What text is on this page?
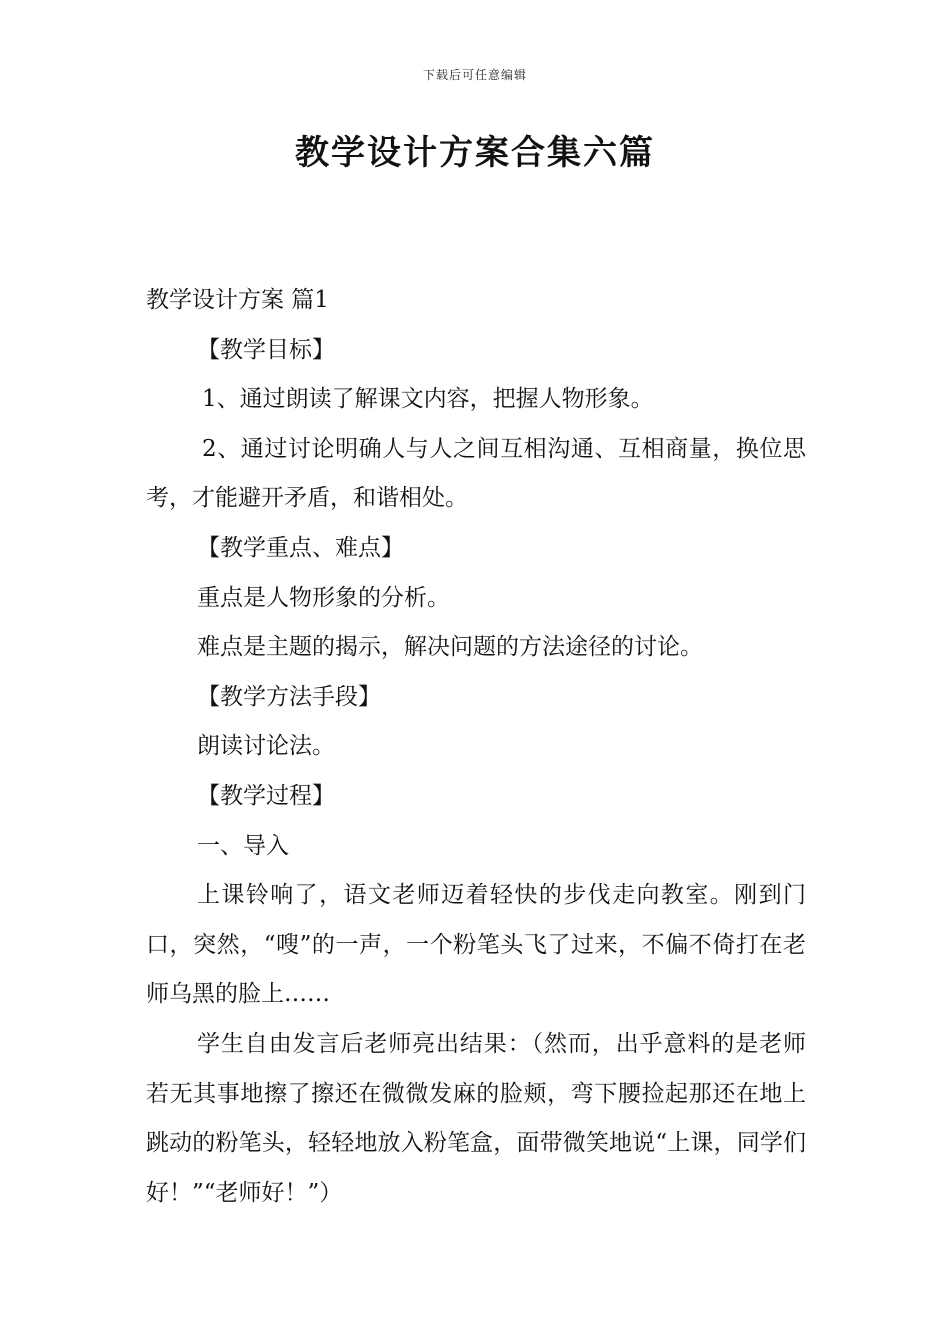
下载后可任意编辑
教学设计方案合集六篇

教学设计方案 篇1

【教学目标】

1、通过朗读了解课文内容，把握人物形象。

2、通过讨论明确人与人之间互相沟通、互相商量，换位思考，才能避开矛盾，和谐相处。

【教学重点、难点】

重点是人物形象的分析。

难点是主题的揭示，解决问题的方法途径的讨论。

【教学方法手段】

朗读讨论法。

【教学过程】

一、导入

上课铃响了，语文老师迈着轻快的步伐走向教室。刚到门口，突然，“嗖”的一声，一个粉笔头飞了过来，不偏不倚打在老师乌黑的脸上……

学生自由发言后老师亮出结果：（然而，出乎意料的是老师若无其事地擦了擦还在微微发麻的脸颊，弯下腰捡起那还在地上跳动的粉笔头，轻轻地放入粉笔盒，面带微笑地说“上课，同学们好！”“老师好！”）
